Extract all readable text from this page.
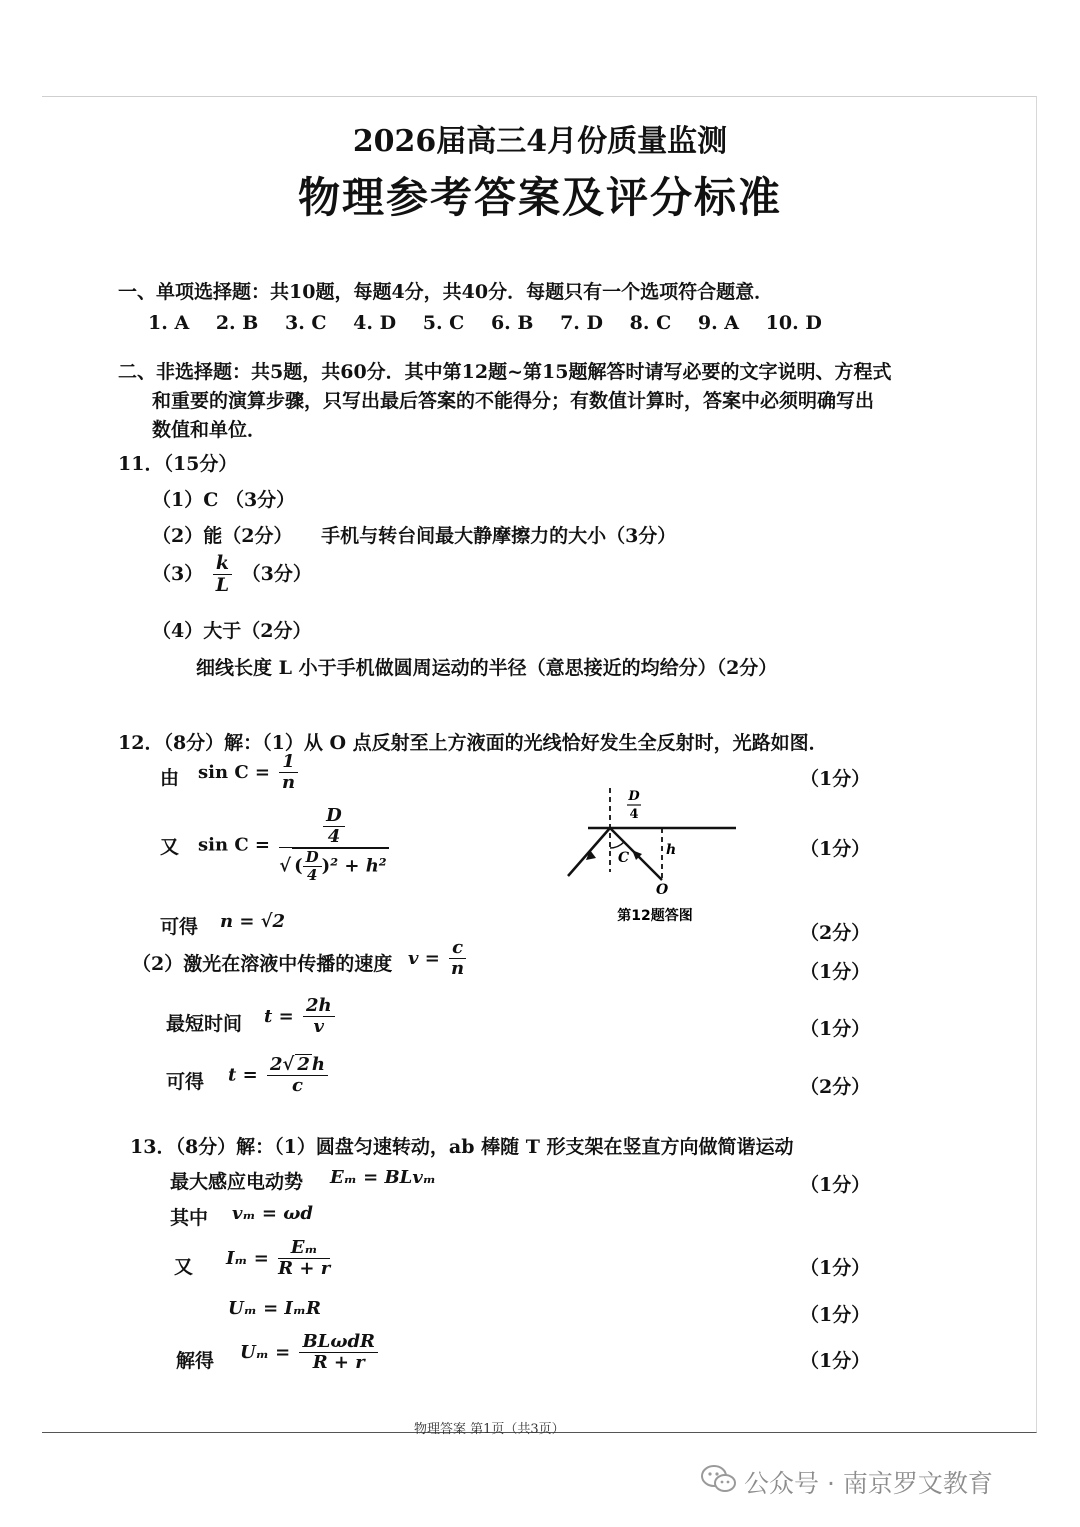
2026届高三4月份质量监测
物理参考答案及评分标准
一、单项选择题：共10题，每题4分，共40分．每题只有一个选项符合题意．
1. A 2. B 3. C 4. D 5. C 6. B 7. D 8. C 9. A 10. D
二、非选择题：共5题，共60分．其中第12题~第15题解答时请写必要的文字说明、方程式
和重要的演算步骤，只写出最后答案的不能得分；有数值计算时，答案中必须明确写出
数值和单位．
11．（15分）
（1）C （3分）
（2）能（2分） 手机与转台间最大静摩擦力的大小（3分）
$(3) \frac{k}{L} (3$分）
（4）大于（2分）
细线长度 L 小于手机做圆周运动的半径（意思接近的均给分）（2分）
12．（8分）解：（1）从 O 点反射至上方液面的光线恰好发生全反射时，光路如图．
由 $\sin C = \frac{1}{n}$	（1分）
又 $\sin C = \frac{\frac{D}{4}}{√ ( \frac{D}{4} )^2 + h^2}$	（1分）
可得 n = √2
（2分）
D
4
C	h
O
第12题答图
（2）激光在溶液中传播的速度 $v = \frac{c}{n}$	（1分）
最短时间 $t = \frac{2h}{v}$	（1分）
可得 $t = \frac{2√ 2 h}{c}$	（2分）
13．（8分）解：（1）圆盘匀速转动，ab 棒随 T 形支架在竖直方向做简谐运动
最大感应电动势 Eₘ = BLvₘ	（1分）
其中 vₘ = ωd
又 $I_m = \frac{\text{Eₘ}}{R + r}$	（1分）
Uₘ = IₘR	（1分）
解得 $U_m = \frac{\text{BLωdR}}{R + r}$	（1分）
物理答案 第1页（共3页）
公众号 · 南京罗文教育
